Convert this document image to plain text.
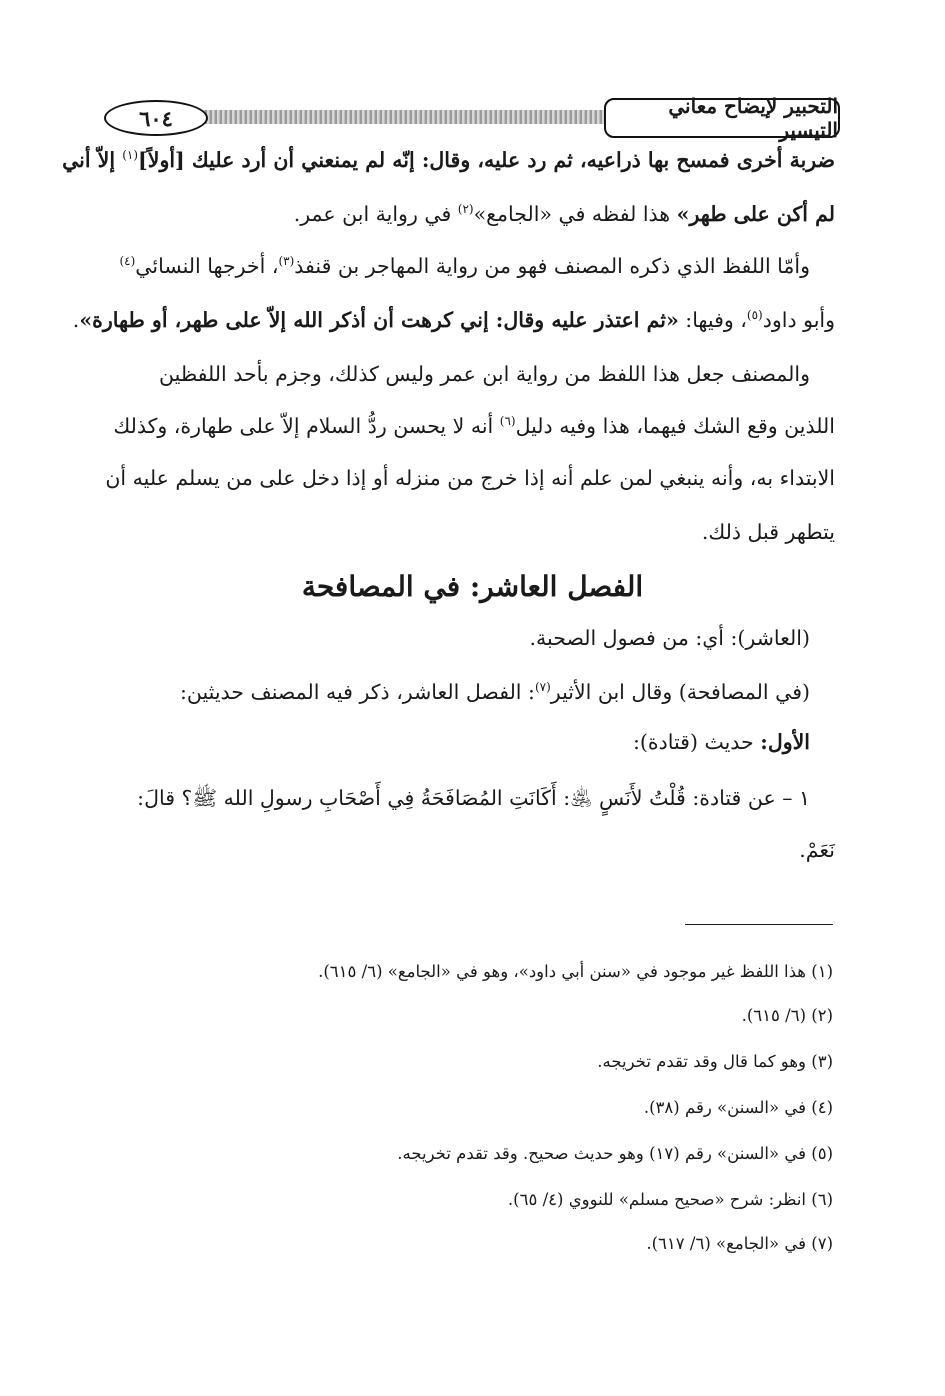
التحبير لإيضاح معاني التيسير
٦٠٤
ضربة أخرى فمسح بها ذراعيه، ثم رد عليه، وقال: إنّه لم يمنعني أن أرد عليك [أولاً]$^{(١)}$ إلاّ أني
لم أكن على طهر» هذا لفظه في «الجامع»$^{(٢)}$ في رواية ابن عمر.
وأمّا اللفظ الذي ذكره المصنف فهو من رواية المهاجر بن قنفذ$^{(٣)}$، أخرجها النسائي$^{(٤)}$
وأبو داود$^{(٥)}$، وفيها: «ثم اعتذر عليه وقال: إني كرهت أن أذكر الله إلاّ على طهر، أو طهارة».
والمصنف جعل هذا اللفظ من رواية ابن عمر وليس كذلك، وجزم بأحد اللفظين
اللذين وقع الشك فيهما، هذا وفيه دليل$^{(٦)}$ أنه لا يحسن ردُّ السلام إلاّ على طهارة، وكذلك
الابتداء به، وأنه ينبغي لمن علم أنه إذا خرج من منزله أو إذا دخل على من يسلم عليه أن
يتطهر قبل ذلك.
الفصل العاشر: في المصافحة
(العاشر): أي: من فصول الصحبة.
(في المصافحة) وقال ابن الأثير$^{(٧)}$: الفصل العاشر، ذكر فيه المصنف حديثين:
الأول: حديث (قتادة):
١ – عن قتادة: قُلْتُ لأَنَسٍ ﵁: أَكَانَتِ المُصَافَحَةُ فِي أَصْحَابِ رسولِ الله ﷺ؟ قالَ:
نَعَمْ.
(١) هذا اللفظ غير موجود في «سنن أبي داود»، وهو في «الجامع» (٦/ ٦١٥).
(٢) (٦/ ٦١٥).
(٣) وهو كما قال وقد تقدم تخريجه.
(٤) في «السنن» رقم (٣٨).
(٥) في «السنن» رقم (١٧) وهو حديث صحيح. وقد تقدم تخريجه.
(٦) انظر: شرح «صحيح مسلم» للنووي (٤/ ٦٥).
(٧) في «الجامع» (٦/ ٦١٧).
